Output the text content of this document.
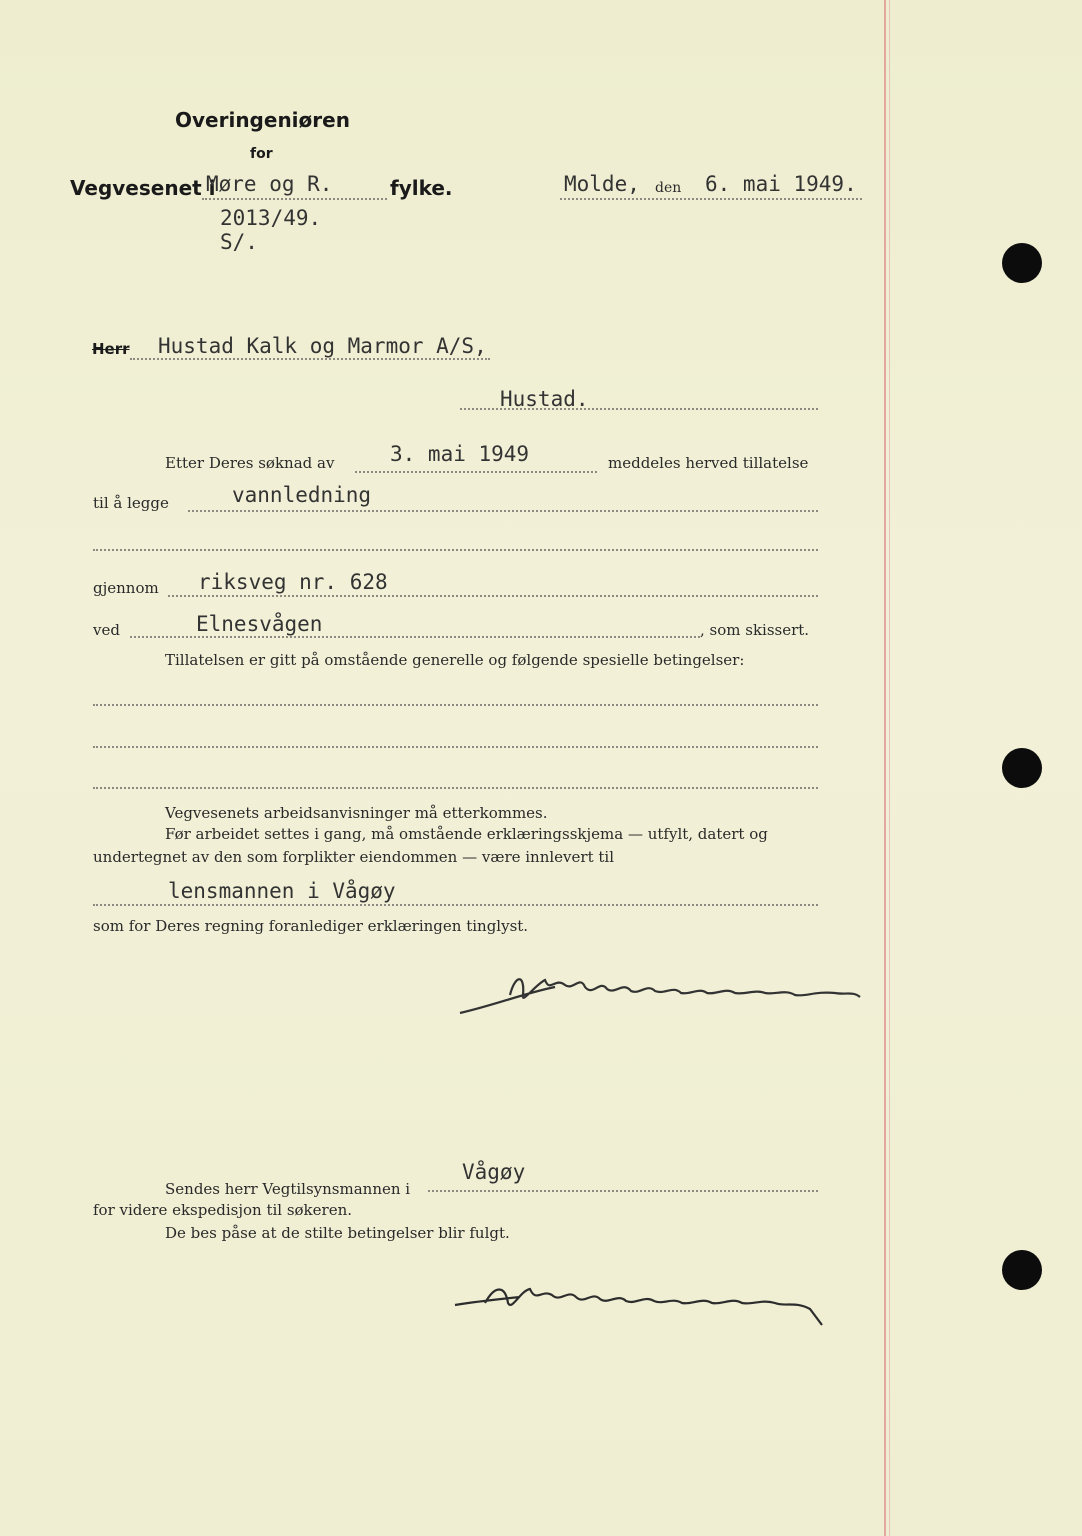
Overingeniøren
for
Vegvesenet i
Møre og R.	fylke.	Molde, den 6. mai 1949.
2013/49.
S/.
Herr Hustad Kalk og Marmor A/S,
Hustad.
Etter Deres søknad av	3. mai 1949	meddeles herved tillatelse
til å legge	vannledning
gjennom riksveg nr. 628
ved	Elnesvågen	, som skissert.
Tillatelsen er gitt på omstående generelle og følgende spesielle betingelser:
Vegvesenets arbeidsanvisninger må etterkommes.
Før arbeidet settes i gang, må omstående erklæringsskjema — utfylt, datert og
undertegnet av den som forplikter eiendommen — være innlevert til
lensmannen i Vågøy
som for Deres regning foranlediger erklæringen tinglyst.
Sendes herr Vegtilsynsmannen i
Vågøy
for videre ekspedisjon til søkeren.
De bes påse at de stilte betingelser blir fulgt.
